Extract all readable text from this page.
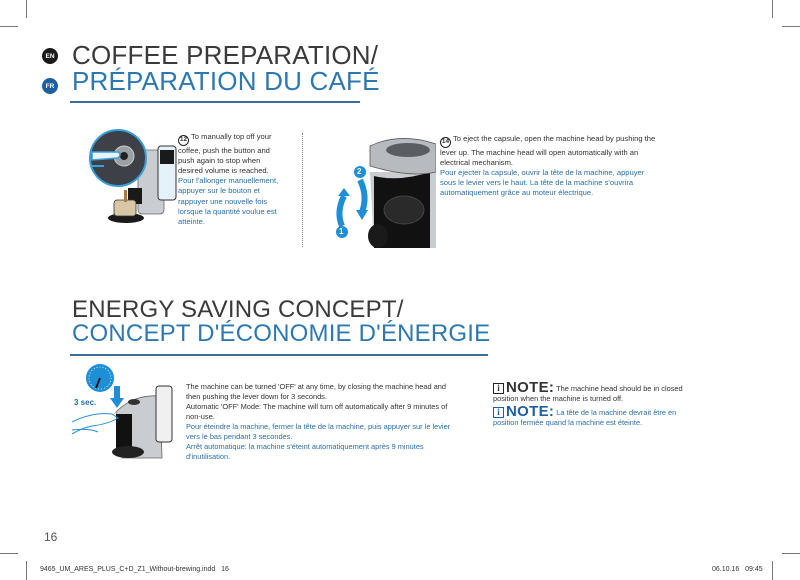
EN
FR
COFFEE PREPARATION/
PRÉPARATION DU CAFÉ
12 To manually top off your coffee, push the button and push again to stop when desired volume is reached.
Pour l'allonger manuellement, appuyer sur le bouton et rappuyer une nouvelle fois lorsque la quantité voulue est atteinte.
1
2
14 To eject the capsule, open the machine head by pushing the lever up. The machine head will open automatically with an electrical mechanism.
Pour ejecter la capsule, ouvrir la tête de la machine, appuyer sous le levier vers le haut. La tête de la machine s'ouvrira automatiquement grâce au moteur électrique.
ENERGY SAVING CONCEPT/
CONCEPT D'ÉCONOMIE D'ÉNERGIE
3 sec.
The machine can be turned 'OFF' at any time, by closing the machine head and then pushing the lever down for 3 seconds.
Automatic 'OFF' Mode: The machine will turn off automatically after 9 minutes of non-use.
Pour éteindre la machine, fermer la tête de la machine, puis appuyer sur le levier vers le bas pendant 3 secondes.
Arrêt automatique: la machine s'éteint automatiquement après 9 minutes d'inutilisation.
i NOTE: The machine head should be in closed position when the machine is turned off.
i NOTE: La tête de la machine devrait être en position fermée quand la machine est éteinte.
16
9465_UM_ARES_PLUS_C+D_Z1_Without-brewing.indd   16	06.10.16   09:45
